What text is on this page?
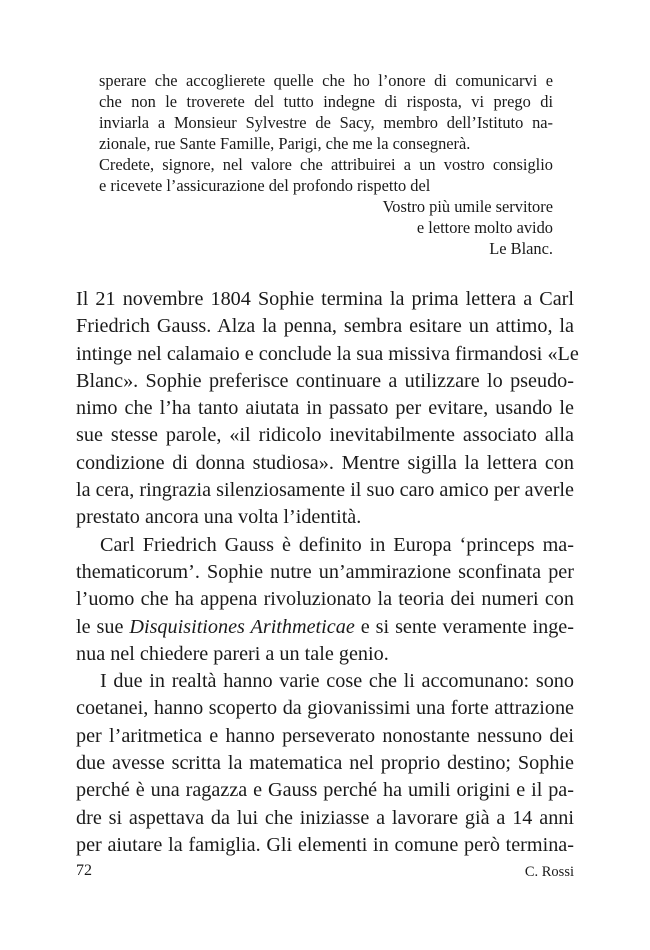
sperare che accoglierete quelle che ho l’onore di comunicarvi e
che non le troverete del tutto indegne di risposta, vi prego di
inviarla a Monsieur Sylvestre de Sacy, membro dell’Istituto na-
zionale, rue Sante Famille, Parigi, che me la consegnerà.
Credete, signore, nel valore che attribuirei a un vostro consiglio
e ricevete l’assicurazione del profondo rispetto del
Vostro più umile servitore
e lettore molto avido
Le Blanc.
Il 21 novembre 1804 Sophie termina la prima lettera a Carl
Friedrich Gauss. Alza la penna, sembra esitare un attimo, la
intinge nel calamaio e conclude la sua missiva firmandosi «Le
Blanc». Sophie preferisce continuare a utilizzare lo pseudo-
nimo che l’ha tanto aiutata in passato per evitare, usando le
sue stesse parole, «il ridicolo inevitabilmente associato alla
condizione di donna studiosa». Mentre sigilla la lettera con
la cera, ringrazia silenziosamente il suo caro amico per averle
prestato ancora una volta l’identità.
Carl Friedrich Gauss è definito in Europa ‘princeps ma-
thematicorum’. Sophie nutre un’ammirazione sconfinata per
l’uomo che ha appena rivoluzionato la teoria dei numeri con
le sue Disquisitiones Arithmeticae e si sente veramente inge-
nua nel chiedere pareri a un tale genio.
I due in realtà hanno varie cose che li accomunano: sono
coetanei, hanno scoperto da giovanissimi una forte attrazione
per l’aritmetica e hanno perseverato nonostante nessuno dei
due avesse scritta la matematica nel proprio destino; Sophie
perché è una ragazza e Gauss perché ha umili origini e il pa-
dre si aspettava da lui che iniziasse a lavorare già a 14 anni
per aiutare la famiglia. Gli elementi in comune però termina-
72	C. Rossi
